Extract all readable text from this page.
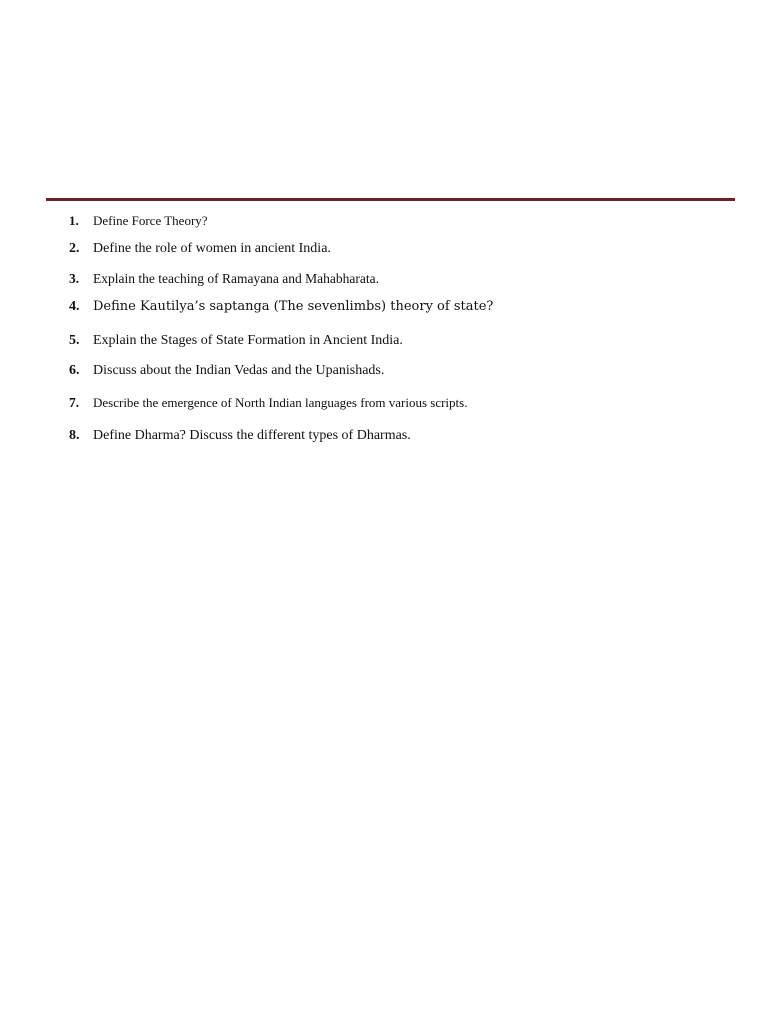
1. Define Force Theory?
2. Define the role of women in ancient India.
3. Explain the teaching of Ramayana and Mahabharata.
4. Define Kautilya’s saptanga (The sevenlimbs) theory of state?
5. Explain the Stages of State Formation in Ancient India.
6. Discuss about the Indian Vedas and the Upanishads.
7. Describe the emergence of North Indian languages from various scripts.
8. Define Dharma? Discuss the different types of Dharmas.
